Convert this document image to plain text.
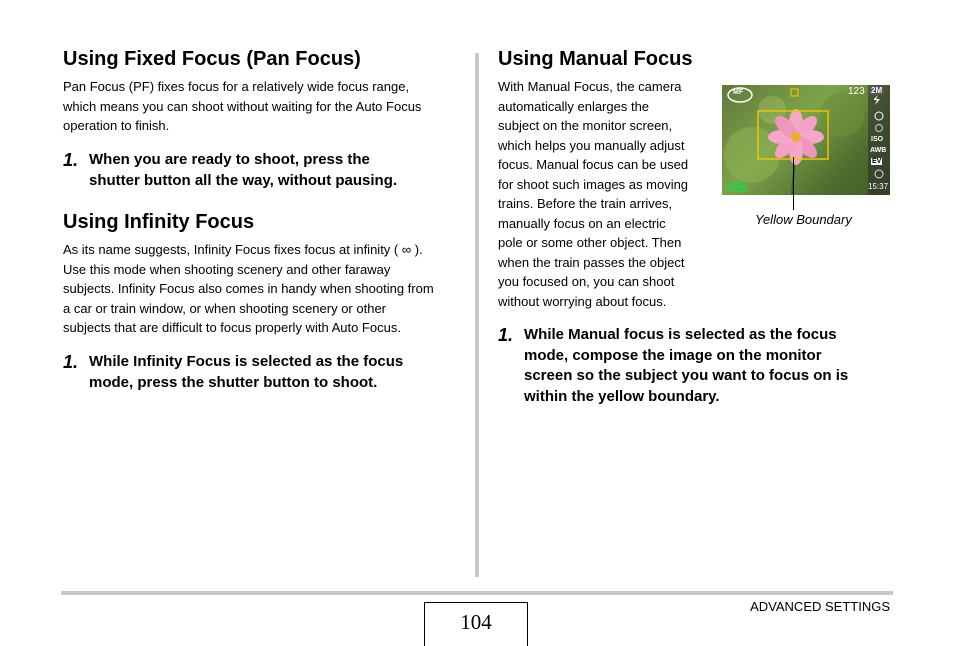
Using Fixed Focus (Pan Focus)

Pan Focus (PF) fixes focus for a relatively wide focus range,

which means you can shoot without waiting for the Auto Focus

operation to finish.

1. When you are ready to shoot, press the
shutter button all the way, without pausing.
Using Infinity Focus

As its name suggests, Infinity Focus fixes focus at infinity ( ∞ ).

Use this mode when shooting scenery and other faraway

subjects. Infinity Focus also comes in handy when shooting from

a car or train window, or when shooting scenery or other

subjects that are difficult to focus properly with Auto Focus.

1. While Infinity Focus is selected as the focus
mode, press the shutter button to shoot.
Using Manual Focus

With Manual Focus, the camera

automatically enlarges the

subject on the monitor screen,

which helps you manually adjust

focus. Manual focus can be used

for shoot such images as moving

trains. Before the train arrives,

manually focus on an electric

pole or some other object. Then

when the train passes the object

you focused on, you can shoot

without worrying about focus.

MF	123 2M
ISO
AWB
EV
15:37
Yellow Boundary
1. While Manual focus is selected as the focus
mode, compose the image on the monitor
screen so the subject you want to focus on is
within the yellow boundary.
ADVANCED SETTINGS
104
